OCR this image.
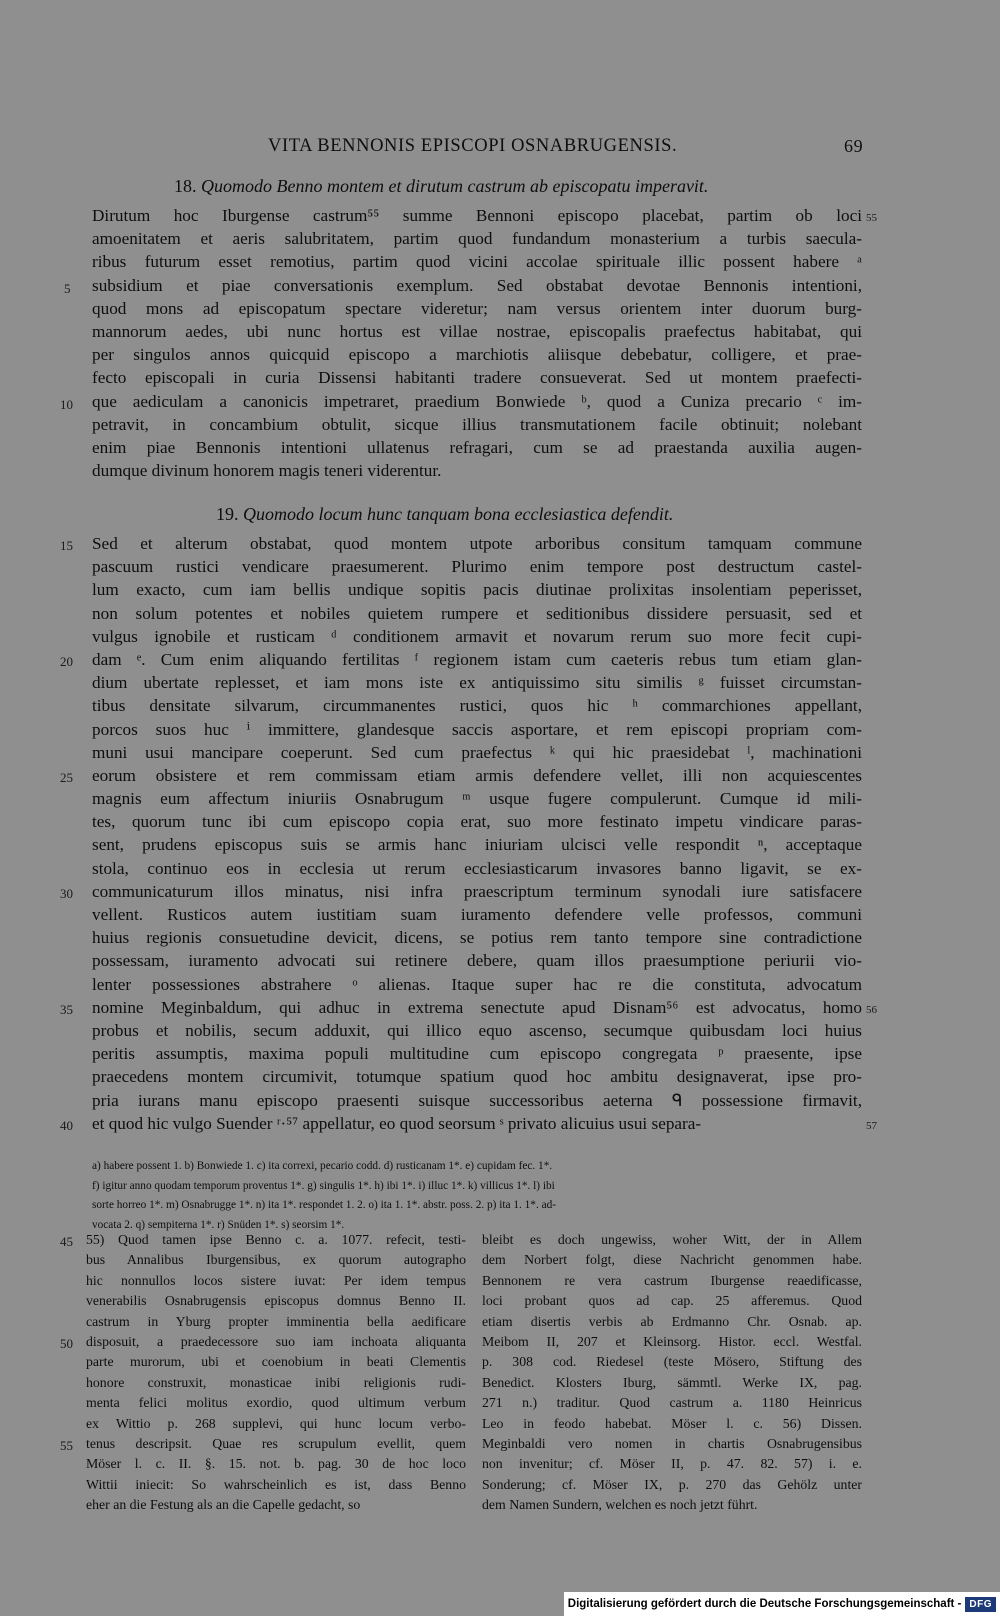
VITA BENNONIS EPISCOPI OSNABRUGENSIS.	69
18. Quomodo Benno montem et dirutum castrum ab episcopatu imperavit.
Dirutum hoc Iburgense castrum⁵⁵ summe Bennoni episcopo placebat, partim ob loci
amoenitatem et aeris salubritatem, partim quod fundandum monasterium a turbis saecula-
ribus futurum esset remotius, partim quod vicini accolae spirituale illic possent habere ᵃ
subsidium et piae conversationis exemplum. Sed obstabat devotae Bennonis intentioni,
quod mons ad episcopatum spectare videretur; nam versus orientem inter duorum burg-
mannorum aedes, ubi nunc hortus est villae nostrae, episcopalis praefectus habitabat, qui
per singulos annos quicquid episcopo a marchiotis aliisque debebatur, colligere, et prae-
fecto episcopali in curia Dissensi habitanti tradere consueverat. Sed ut montem praefecti-
que aediculam a canonicis impetraret, praedium Bonwiede ᵇ, quod a Cuniza precario ᶜ im-
petravit, in concambium obtulit, sicque illius transmutationem facile obtinuit; nolebant
enim piae Bennonis intentioni ullatenus refragari, cum se ad praestanda auxilia augen-
dumque divinum honorem magis teneri viderentur.
19. Quomodo locum hunc tanquam bona ecclesiastica defendit.
Sed et alterum obstabat, quod montem utpote arboribus consitum tamquam commune
pascuum rustici vendicare praesumerent. Plurimo enim tempore post destructum castel-
lum exacto, cum iam bellis undique sopitis pacis diutinae prolixitas insolentiam peperisset,
non solum potentes et nobiles quietem rumpere et seditionibus dissidere persuasit, sed et
vulgus ignobile et rusticam ᵈ conditionem armavit et novarum rerum suo more fecit cupi-
dam ᵉ. Cum enim aliquando fertilitas ᶠ regionem istam cum caeteris rebus tum etiam glan-
dium ubertate replesset, et iam mons iste ex antiquissimo situ similis ᵍ fuisset circumstan-
tibus densitate silvarum, circummanentes rustici, quos hic ʰ commarchiones appellant,
porcos suos huc ⁱ immittere, glandesque saccis asportare, et rem episcopi propriam com-
muni usui mancipare coeperunt. Sed cum praefectus ᵏ qui hic praesidebat ˡ, machinationi
eorum obsistere et rem commissam etiam armis defendere vellet, illi non acquiescentes
magnis eum affectum iniuriis Osnabrugum ᵐ usque fugere compulerunt. Cumque id mili-
tes, quorum tunc ibi cum episcopo copia erat, suo more festinato impetu vindicare paras-
sent, prudens episcopus suis se armis hanc iniuriam ulcisci velle respondit ⁿ, acceptaque
stola, continuo eos in ecclesia ut rerum ecclesiasticarum invasores banno ligavit, se ex-
communicaturum illos minatus, nisi infra praescriptum terminum synodali iure satisfacere
vellent. Rusticos autem iustitiam suam iuramento defendere velle professos, communi
huius regionis consuetudine devicit, dicens, se potius rem tanto tempore sine contradictione
possessam, iuramento advocati sui retinere debere, quam illos praesumptione periurii vio-
lenter possessiones abstrahere ᵒ alienas. Itaque super hac re die constituta, advocatum
nomine Meginbaldum, qui adhuc in extrema senectute apud Disnam⁵⁶ est advocatus, homo
probus et nobilis, secum adduxit, qui illico equo ascenso, secumque quibusdam loci huius
peritis assumptis, maxima populi multitudine cum episcopo congregata ᵖ praesente, ipse
praecedens montem circumivit, totumque spatium quod hoc ambitu designaverat, ipse pro-
pria iurans manu episcopo praesenti suisque successoribus aeterna ᑫ possessione firmavit,
et quod hic vulgo Suender ʳ·⁵⁷ appellatur, eo quod seorsum ˢ privato alicuius usui separa-
5
10
15
20
25
30
35
40
55
56
57
a) habere possent 1. b) Bonwiede 1. c) ita correxi, pecario codd. d) rusticanam 1*. e) cupidam fec. 1*.
f) igitur anno quodam temporum proventus 1*. g) singulis 1*. h) ibi 1*. i) illuc 1*. k) villicus 1*. l) ibi
sorte horreo 1*. m) Osnabrugge 1*. n) ita 1*. respondet 1. 2. o) ita 1. 1*. abstr. poss. 2. p) ita 1. 1*. ad-
vocata 2. q) sempiterna 1*. r) Snüden 1*. s) seorsim 1*.
55) Quod tamen ipse Benno c. a. 1077. refecit, testi-
bus Annalibus Iburgensibus, ex quorum autographo
hic nonnullos locos sistere iuvat: Per idem tempus
venerabilis Osnabrugensis episcopus domnus Benno II.
castrum in Yburg propter imminentia bella aedificare
disposuit, a praedecessore suo iam inchoata aliquanta
parte murorum, ubi et coenobium in beati Clementis
honore construxit, monasticae inibi religionis rudi-
menta felici molitus exordio, quod ultimum verbum
ex Wittio p. 268 supplevi, qui hunc locum verbo-
tenus descripsit. Quae res scrupulum evellit, quem
Möser l. c. II. §. 15. not. b. pag. 30 de hoc loco
Wittii iniecit: So wahrscheinlich es ist, dass Benno
eher an die Festung als an die Capelle gedacht, so
bleibt es doch ungewiss, woher Witt, der in Allem
dem Norbert folgt, diese Nachricht genommen habe.
Bennonem re vera castrum Iburgense reaedificasse,
loci probant quos ad cap. 25 afferemus. Quod
etiam disertis verbis ab Erdmanno Chr. Osnab. ap.
Meibom II, 207 et Kleinsorg. Histor. eccl. Westfal.
p. 308 cod. Riedesel (teste Mösero, Stiftung des
Benedict. Klosters Iburg, sämmtl. Werke IX, pag.
271 n.) traditur. Quod castrum a. 1180 Heinricus
Leo in feodo habebat. Möser l. c. 56) Dissen.
Meginbaldi vero nomen in chartis Osnabrugensibus
non invenitur; cf. Möser II, p. 47. 82. 57) i. e.
Sonderung; cf. Möser IX, p. 270 das Gehölz unter
dem Namen Sundern, welchen es noch jetzt führt.
45
50
55
Digitalisierung gefördert durch die Deutsche Forschungsgemeinschaft - DFG
